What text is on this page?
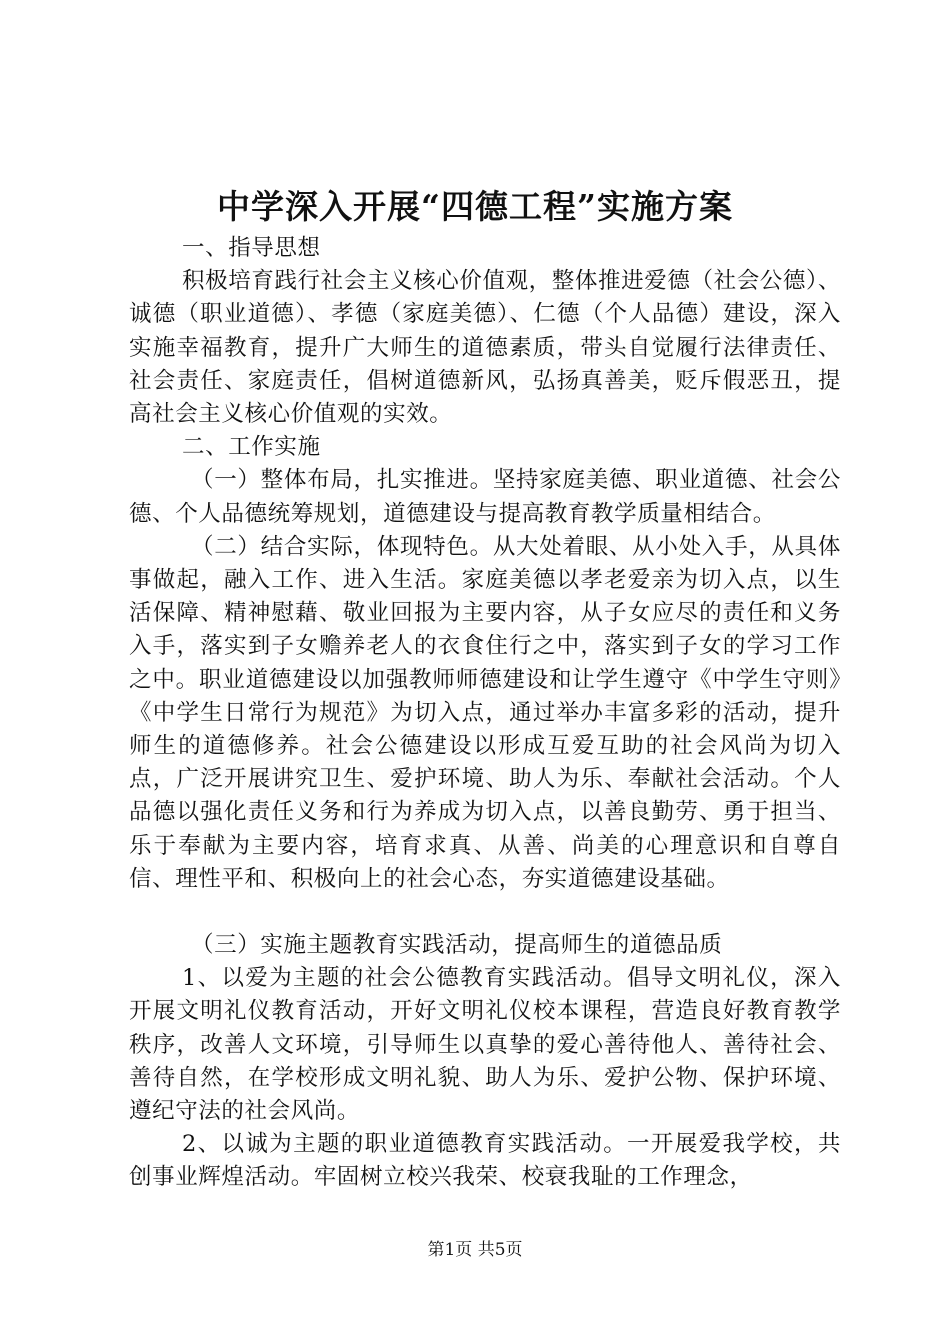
中学深入开展“四德工程”实施方案

一、指导思想

积极培育践行社会主义核心价值观，整体推进爱德（社会公德）、诚德（职业道德）、孝德（家庭美德）、仁德（个人品德）建设，深入实施幸福教育，提升广大师生的道德素质，带头自觉履行法律责任、社会责任、家庭责任，倡树道德新风，弘扬真善美，贬斥假恶丑，提高社会主义核心价值观的实效。

二、工作实施

（一）整体布局，扎实推进。坚持家庭美德、职业道德、社会公德、个人品德统筹规划，道德建设与提高教育教学质量相结合。

（二）结合实际，体现特色。从大处着眼、从小处入手，从具体事做起，融入工作、进入生活。家庭美德以孝老爱亲为切入点，以生活保障、精神慰藉、敬业回报为主要内容，从子女应尽的责任和义务入手，落实到子女赡养老人的衣食住行之中，落实到子女的学习工作之中。职业道德建设以加强教师师德建设和让学生遵守《中学生守则》《中学生日常行为规范》为切入点，通过举办丰富多彩的活动，提升师生的道德修养。社会公德建设以形成互爱互助的社会风尚为切入点，广泛开展讲究卫生、爱护环境、助人为乐、奉献社会活动。个人品德以强化责任义务和行为养成为切入点，以善良勤劳、勇于担当、乐于奉献为主要内容，培育求真、从善、尚美的心理意识和自尊自信、理性平和、积极向上的社会心态，夯实道德建设基础。

（三）实施主题教育实践活动，提高师生的道德品质

1、以爱为主题的社会公德教育实践活动。倡导文明礼仪，深入开展文明礼仪教育活动，开好文明礼仪校本课程，营造良好教育教学秩序，改善人文环境，引导师生以真挚的爱心善待他人、善待社会、善待自然，在学校形成文明礼貌、助人为乐、爱护公物、保护环境、遵纪守法的社会风尚。

2、以诚为主题的职业道德教育实践活动。一开展爱我学校，共创事业辉煌活动。牢固树立校兴我荣、校衰我耻的工作理念，

第1页 共5页
